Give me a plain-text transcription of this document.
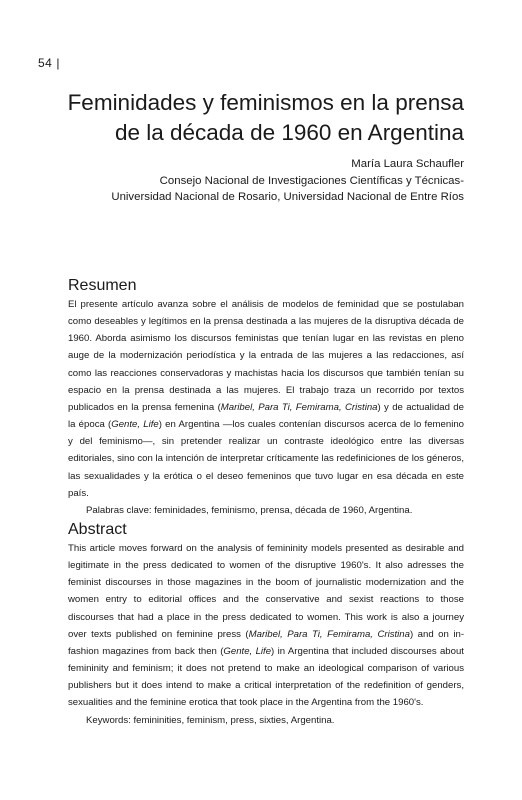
54 |
Feminidades y feminismos en la prensa
de la década de 1960 en Argentina
María Laura Schaufler
Consejo Nacional de Investigaciones Científicas y Técnicas-
Universidad Nacional de Rosario, Universidad Nacional de Entre Ríos
Resumen

El presente artículo avanza sobre el análisis de modelos de feminidad que se postulaban como deseables y legítimos en la prensa destinada a las mujeres de la disruptiva década de 1960. Aborda asimismo los discursos feministas que tenían lugar en las revistas en pleno auge de la modernización periodística y la entrada de las mujeres a las redacciones, así como las reacciones conservadoras y machistas hacia los discursos que también tenían su espacio en la prensa destinada a las mujeres. El trabajo traza un recorrido por textos publicados en la prensa femenina (Maribel, Para Ti, Femirama, Cristina) y de actualidad de la época (Gente, Life) en Argentina —los cuales contenían discursos acerca de lo femenino y del feminismo—, sin pretender realizar un contraste ideológico entre las diversas editoriales, sino con la intención de interpretar críticamente las redefiniciones de los géneros, las sexualidades y la erótica o el deseo femeninos que tuvo lugar en esa década en este país.

Palabras clave: feminidades, feminismo, prensa, década de 1960, Argentina.

Abstract

This article moves forward on the analysis of femininity models presented as desirable and legitimate in the press dedicated to women of the disruptive 1960's. It also adresses the feminist discourses in those magazines in the boom of journalistic modernization and the women entry to editorial offices and the conservative and sexist reactions to those discourses that had a place in the press dedicated to women. This work is also a journey over texts published on feminine press (Maribel, Para Ti, Femirama, Cristina) and on in-fashion magazines from back then (Gente, Life) in Argentina that included discourses about femininity and feminism; it does not pretend to make an ideological comparison of various publishers but it does intend to make a critical interpretation of the redefinition of genders, sexualities and the feminine erotica that took place in the Argentina from the 1960's.

Keywords: femininities, feminism, press, sixties, Argentina.
